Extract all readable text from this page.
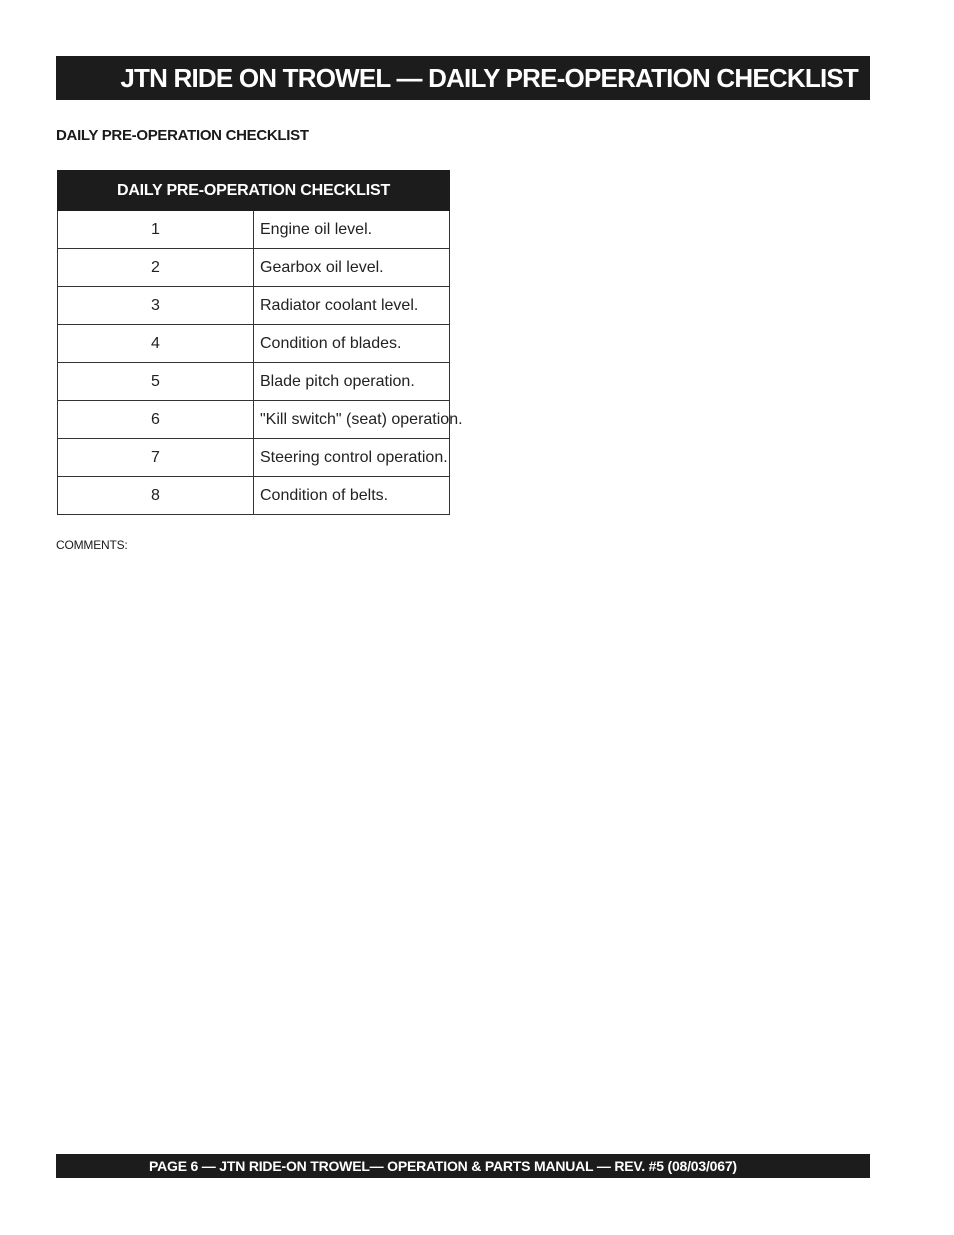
JTN RIDE ON TROWEL — DAILY PRE-OPERATION CHECKLIST
DAILY PRE-OPERATION CHECKLIST
DAILY PRE-OPERATION CHECKLIST	
1	Engine oil level.
2	Gearbox oil level.
3	Radiator coolant level.
4	Condition of blades.
5	Blade pitch operation.
6	"Kill switch" (seat) operation.
7	Steering control operation.
8	Condition of belts.
COMMENTS:
PAGE 6 — JTN RIDE-ON TROWEL— OPERATION & PARTS MANUAL — REV. #5 (08/03/067)
